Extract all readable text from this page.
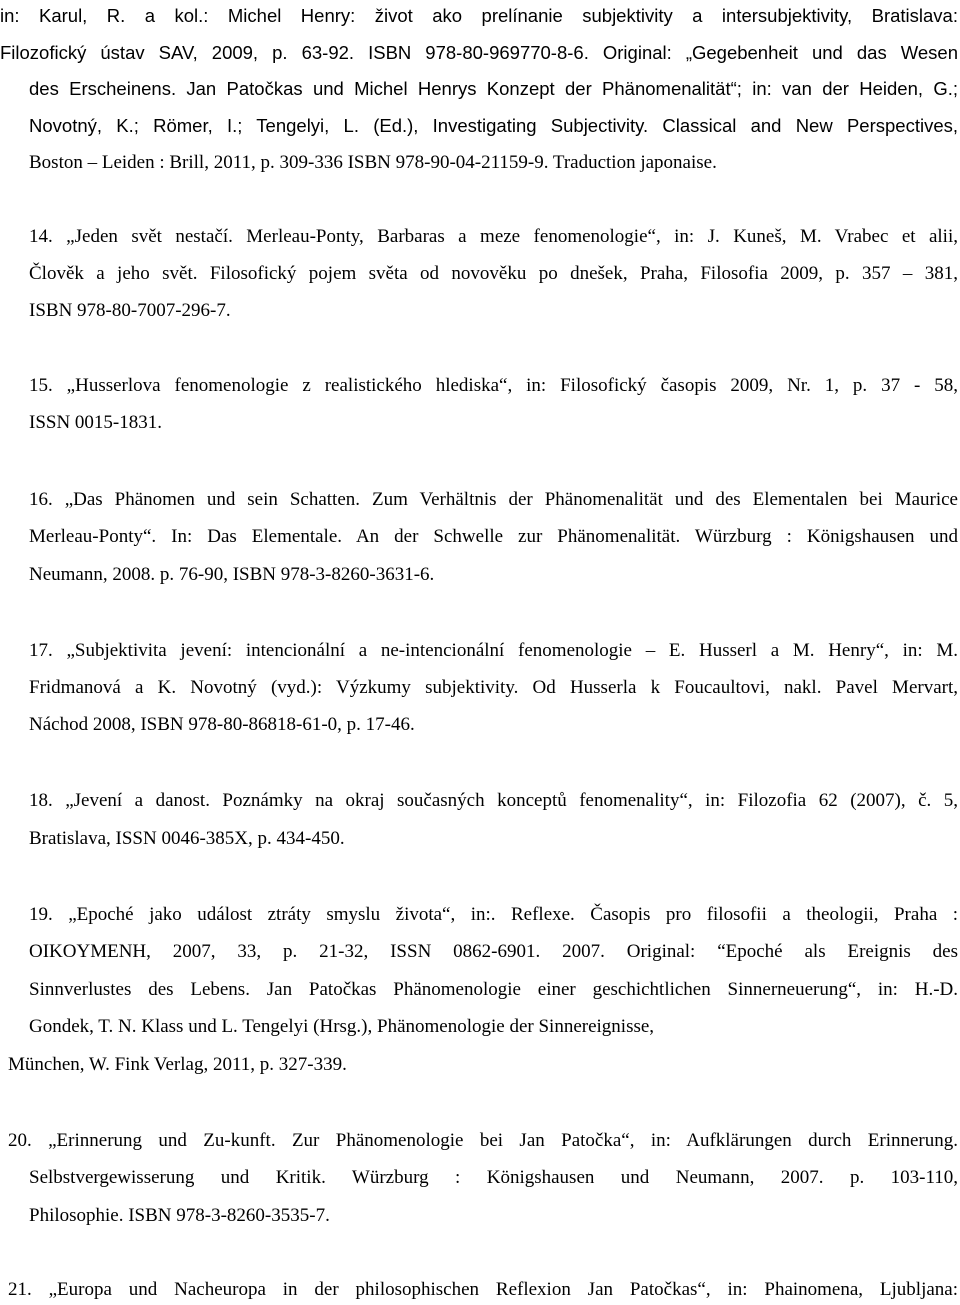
in: Karul, R. a kol.: Michel Henry: život ako prelínanie subjektivity a intersubjektivity, Bratislava:
Filozofický ústav SAV, 2009, p. 63-92. ISBN 978-80-969770-8-6. Original: „Gegebenheit und das Wesen
des Erscheinens. Jan Patočkas und Michel Henrys Konzept der Phänomenalität“; in: van der Heiden, G.;
Novotný, K.; Römer, I.; Tengelyi, L. (Ed.), Investigating Subjectivity. Classical and New Perspectives,
Boston – Leiden : Brill, 2011, p. 309-336 ISBN 978-90-04-21159-9. Traduction japonaise.
14. „Jeden svět nestačí. Merleau-Ponty, Barbaras a meze fenomenologie“, in: J. Kuneš, M. Vrabec et alii,
Člověk a jeho svět. Filosofický pojem světa od novověku po dnešek, Praha, Filosofia 2009, p. 357 – 381,
ISBN 978-80-7007-296-7.
15. „Husserlova fenomenologie z realistického hlediska“, in: Filosofický časopis 2009, Nr. 1, p. 37 - 58,
ISSN 0015-1831.
16. „Das Phänomen und sein Schatten. Zum Verhältnis der Phänomenalität und des Elementalen bei Maurice
Merleau-Ponty“. In: Das Elementale. An der Schwelle zur Phänomenalität. Würzburg : Königshausen und
Neumann, 2008. p. 76-90, ISBN 978-3-8260-3631-6.
17. „Subjektivita jevení: intencionální a ne-intencionální fenomenologie – E. Husserl a M. Henry“, in: M.
Fridmanová a K. Novotný (vyd.): Výzkumy subjektivity. Od Husserla k Foucaultovi, nakl. Pavel Mervart,
Náchod 2008, ISBN 978-80-86818-61-0, p. 17-46.
18. „Jevení a danost. Poznámky na okraj současných konceptů fenomenality“, in: Filozofia 62 (2007), č. 5,
Bratislava, ISSN 0046-385X, p. 434-450.
19. „Epoché jako událost ztráty smyslu života“, in:. Reflexe. Časopis pro filosofii a theologii, Praha :
OIKOYMENH, 2007, 33, p. 21-32, ISSN 0862-6901. 2007. Original: “Epoché als Ereignis des
Sinnverlustes des Lebens. Jan Patočkas Phänomenologie einer geschichtlichen Sinnerneuerung“, in: H.-D.
Gondek, T. N. Klass und L. Tengelyi (Hrsg.), Phänomenologie der Sinnereignisse,
München, W. Fink Verlag, 2011, p. 327-339.
20. „Erinnerung und Zu-kunft. Zur Phänomenologie bei Jan Patočka“, in: Aufklärungen durch Erinnerung.
Selbstvergewisserung und Kritik. Würzburg : Königshausen und Neumann, 2007. p. 103-110,
Philosophie. ISBN 978-3-8260-3535-7.
21. „Europa und Nacheuropa in der philosophischen Reflexion Jan Patočkas“, in: Phainomena, Ljubljana:
